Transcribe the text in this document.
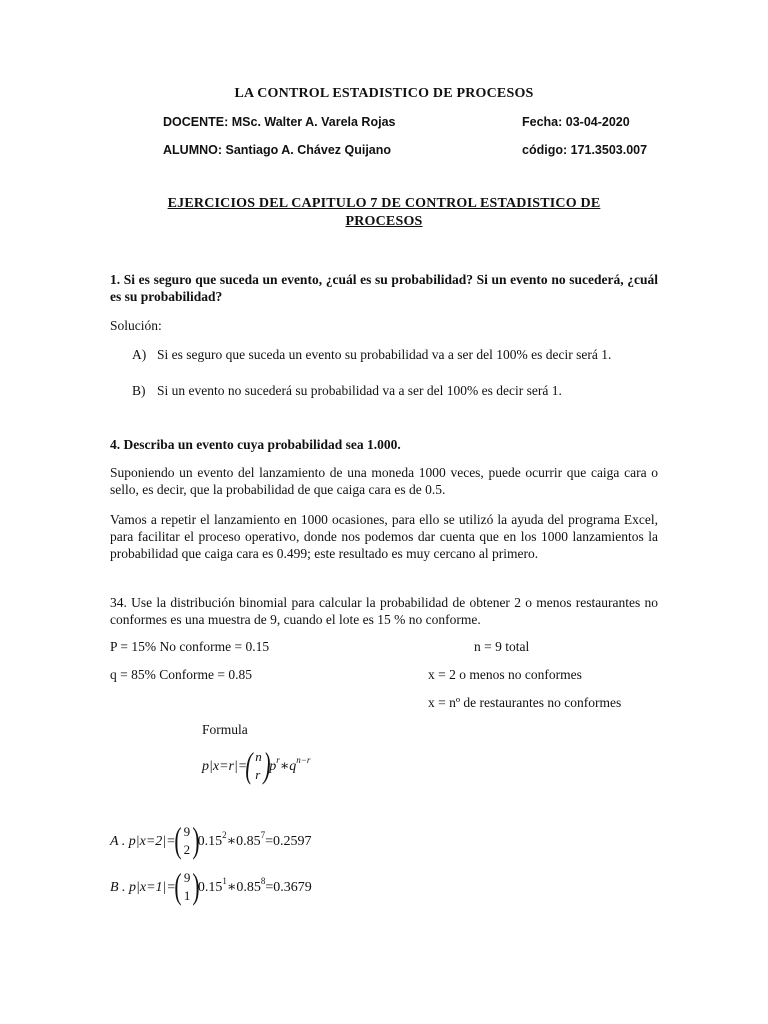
LA CONTROL ESTADISTICO DE PROCESOS
DOCENTE: MSc. Walter A. Varela Rojas	Fecha: 03-04-2020
ALUMNO: Santiago A. Chávez Quijano	código: 171.3503.007
EJERCICIOS DEL CAPITULO 7 DE CONTROL ESTADISTICO DE
PROCESOS
1. Si es seguro que suceda un evento, ¿cuál es su probabilidad? Si un evento no sucederá, ¿cuál es su probabilidad?
Solución:
A) Si es seguro que suceda un evento su probabilidad va a ser del 100% es decir será 1.
B) Si un evento no sucederá su probabilidad va a ser del 100% es decir será 1.
4. Describa un evento cuya probabilidad sea 1.000.
Suponiendo un evento del lanzamiento de una moneda 1000 veces, puede ocurrir que caiga cara o sello, es decir, que la probabilidad de que caiga cara es de 0.5.
Vamos a repetir el lanzamiento en 1000 ocasiones, para ello se utilizó la ayuda del programa Excel, para facilitar el proceso operativo, donde nos podemos dar cuenta que en los 1000 lanzamientos la probabilidad que caiga cara es 0.499; este resultado es muy cercano al primero.
34. Use la distribución binomial para calcular la probabilidad de obtener 2 o menos restaurantes no conformes es una muestra de 9, cuando el lote es 15 % no conforme.
P = 15% No conforme = 0.15	n = 9 total
q = 85% Conforme = 0.85	x = 2 o menos no conformes
x = nº de restaurantes no conformes
Formula
p|x=r|=
( n
r )
$p^r∗q^{n-r}$
A . p|x=2|=
( 9
2 )
$0.15^2∗0.85^7=0.2597$
B . p|x=1|=
( 9
1 )
$0.15^1∗0.85^8=0.3679$
